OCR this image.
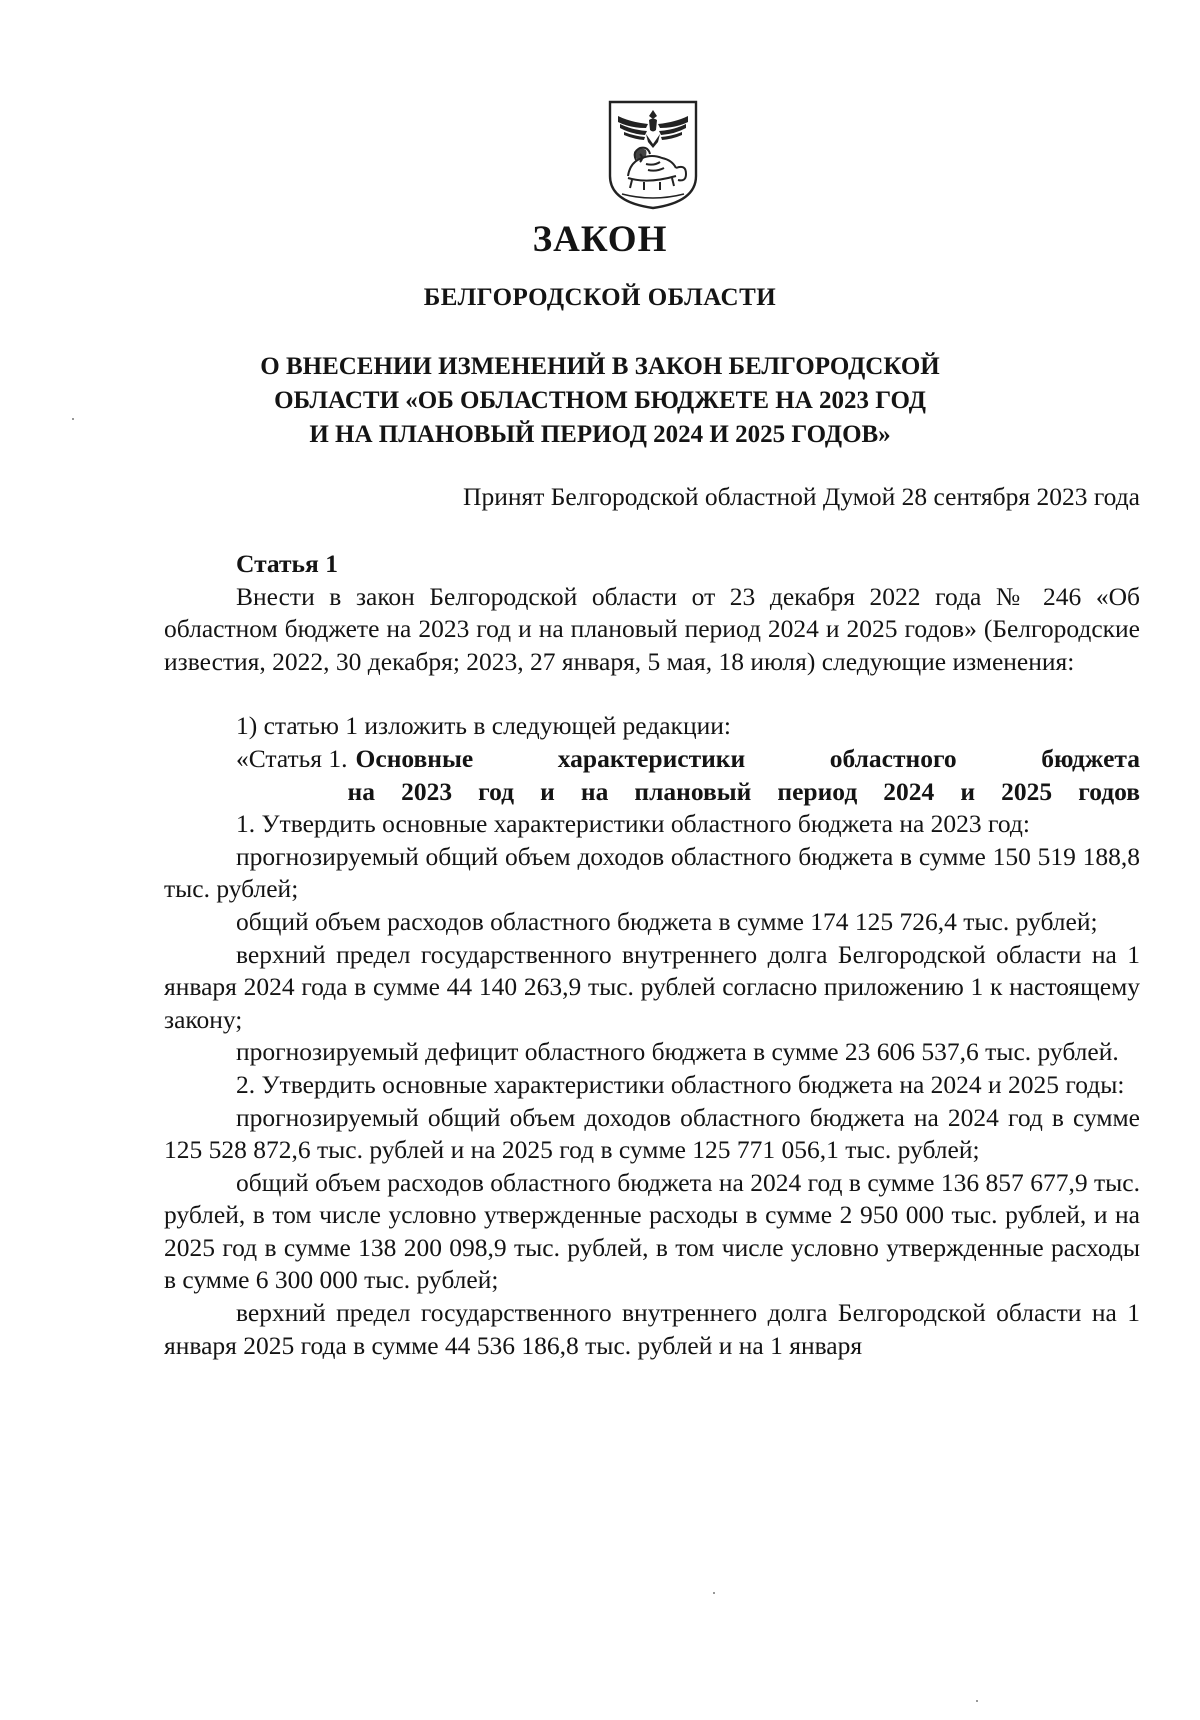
ЗАКОН
БЕЛГОРОДСКОЙ ОБЛАСТИ
О ВНЕСЕНИИ ИЗМЕНЕНИЙ В ЗАКОН БЕЛГОРОДСКОЙ
ОБЛАСТИ «ОБ ОБЛАСТНОМ БЮДЖЕТЕ НА 2023 ГОД
И НА ПЛАНОВЫЙ ПЕРИОД 2024 И 2025 ГОДОВ»
Принят Белгородской областной Думой 28 сентября 2023 года
Статья 1

Внести в закон Белгородской области от 23 декабря 2022 года № 246 «Об областном бюджете на 2023 год и на плановый период 2024 и 2025 годов» (Белгородские известия, 2022, 30 декабря; 2023, 27 января, 5 мая, 18 июля) следующие изменения:

1) статью 1 изложить в следующей редакции:

«Статья 1. Основные	характеристики	областного	бюджета
на 2023 год и на плановый период 2024 и 2025 годов

1. Утвердить основные характеристики областного бюджета на 2023 год:

прогнозируемый общий объем доходов областного бюджета в сумме 150 519 188,8 тыс. рублей;

общий объем расходов областного бюджета в сумме 174 125 726,4 тыс. рублей;

верхний предел государственного внутреннего долга Белгородской области на 1 января 2024 года в сумме 44 140 263,9 тыс. рублей согласно приложению 1 к настоящему закону;

прогнозируемый дефицит областного бюджета в сумме 23 606 537,6 тыс. рублей.

2. Утвердить основные характеристики областного бюджета на 2024 и 2025 годы:

прогнозируемый общий объем доходов областного бюджета на 2024 год в сумме 125 528 872,6 тыс. рублей и на 2025 год в сумме 125 771 056,1 тыс. рублей;

общий объем расходов областного бюджета на 2024 год в сумме 136 857 677,9 тыс. рублей, в том числе условно утвержденные расходы в сумме 2 950 000 тыс. рублей, и на 2025 год в сумме 138 200 098,9 тыс. рублей, в том числе условно утвержденные расходы в сумме 6 300 000 тыс. рублей;

верхний предел государственного внутреннего долга Белгородской области на 1 января 2025 года в сумме 44 536 186,8 тыс. рублей и на 1 января
